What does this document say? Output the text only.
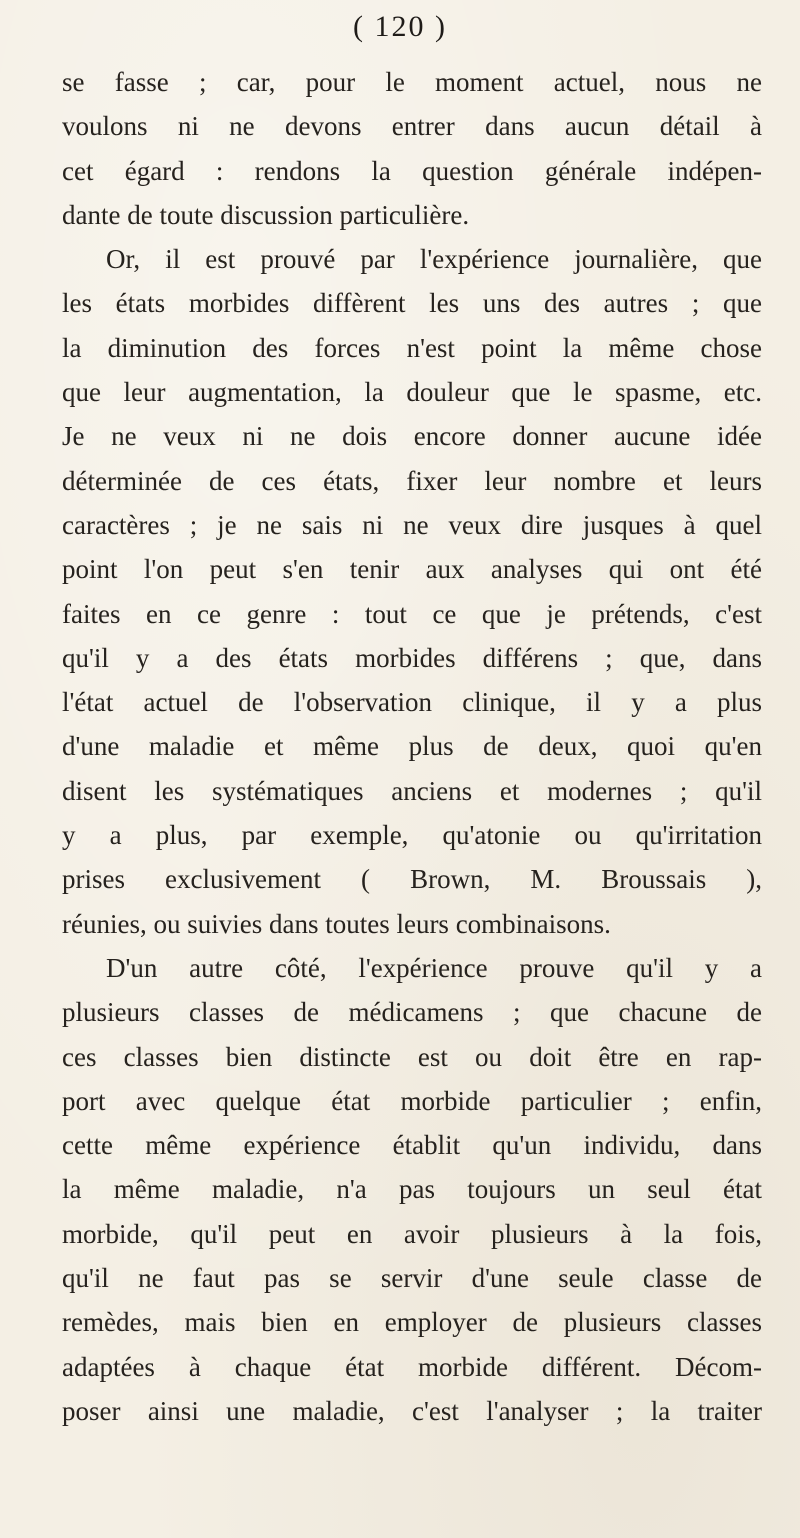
( 120 )
se fasse ; car, pour le moment actuel, nous ne
voulons ni ne devons entrer dans aucun détail à
cet égard : rendons la question générale indépen-
dante de toute discussion particulière.
Or, il est prouvé par l'expérience journalière, que
les états morbides diffèrent les uns des autres ; que
la diminution des forces n'est point la même chose
que leur augmentation, la douleur que le spasme, etc.
Je ne veux ni ne dois encore donner aucune idée
déterminée de ces états, fixer leur nombre et leurs
caractères ; je ne sais ni ne veux dire jusques à quel
point l'on peut s'en tenir aux analyses qui ont été
faites en ce genre : tout ce que je prétends, c'est
qu'il y a des états morbides différens ; que, dans
l'état actuel de l'observation clinique, il y a plus
d'une maladie et même plus de deux, quoi qu'en
disent les systématiques anciens et modernes ; qu'il
y a plus, par exemple, qu'atonie ou qu'irritation
prises exclusivement ( Brown, M. Broussais ),
réunies, ou suivies dans toutes leurs combinaisons.
D'un autre côté, l'expérience prouve qu'il y a
plusieurs classes de médicamens ; que chacune de
ces classes bien distincte est ou doit être en rap-
port avec quelque état morbide particulier ; enfin,
cette même expérience établit qu'un individu, dans
la même maladie, n'a pas toujours un seul état
morbide, qu'il peut en avoir plusieurs à la fois,
qu'il ne faut pas se servir d'une seule classe de
remèdes, mais bien en employer de plusieurs classes
adaptées à chaque état morbide différent. Décom-
poser ainsi une maladie, c'est l'analyser ; la traiter
